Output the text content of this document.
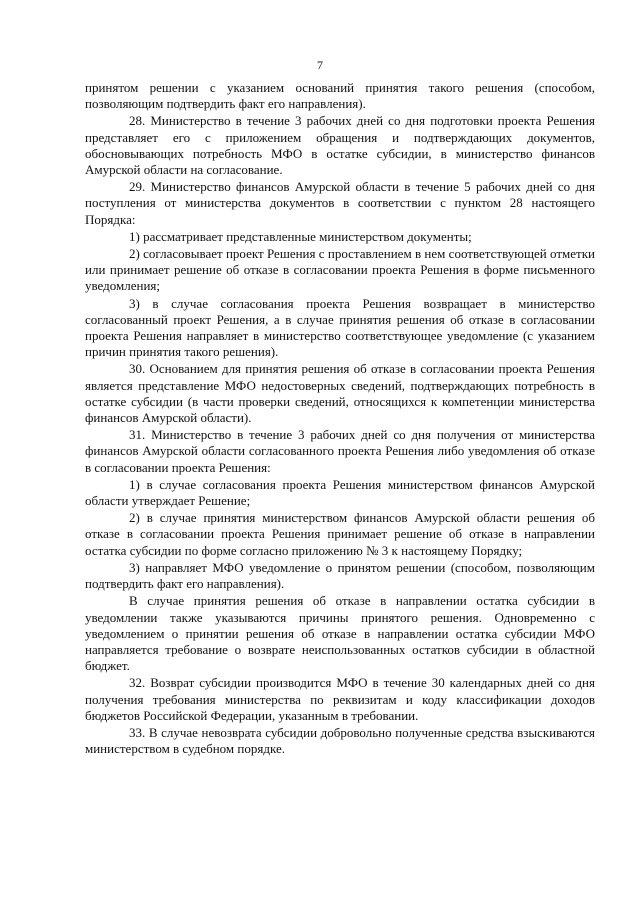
7

принятом решении с указанием оснований принятия такого решения (способом, позволяющим подтвердить факт его направления).

28. Министерство в течение 3 рабочих дней со дня подготовки проекта Решения представляет его с приложением обращения и подтверждающих документов, обосновывающих потребность МФО в остатке субсидии, в министерство финансов Амурской области на согласование.

29. Министерство финансов Амурской области в течение 5 рабочих дней со дня поступления от министерства документов в соответствии с пунктом 28 настоящего Порядка:

1) рассматривает представленные министерством документы;

2) согласовывает проект Решения с проставлением в нем соответствующей отметки или принимает решение об отказе в согласовании проекта Решения в форме письменного уведомления;

3) в случае согласования проекта Решения возвращает в министерство согласованный проект Решения, а в случае принятия решения об отказе в согласовании проекта Решения направляет в министерство соответствующее уведомление (с указанием причин принятия такого решения).

30. Основанием для принятия решения об отказе в согласовании проекта Решения является представление МФО недостоверных сведений, подтверждающих потребность в остатке субсидии (в части проверки сведений, относящихся к компетенции министерства финансов Амурской области).

31. Министерство в течение 3 рабочих дней со дня получения от министерства финансов Амурской области согласованного проекта Решения либо уведомления об отказе в согласовании проекта Решения:

1) в случае согласования проекта Решения министерством финансов Амурской области утверждает Решение;

2) в случае принятия министерством финансов Амурской области решения об отказе в согласовании проекта Решения принимает решение об отказе в направлении остатка субсидии по форме согласно приложению № 3 к настоящему Порядку;

3) направляет МФО уведомление о принятом решении (способом, позволяющим подтвердить факт его направления).

В случае принятия решения об отказе в направлении остатка субсидии в уведомлении также указываются причины принятого решения. Одновременно с уведомлением о принятии решения об отказе в направлении остатка субсидии МФО направляется требование о возврате неиспользованных остатков субсидии в областной бюджет.

32. Возврат субсидии производится МФО в течение 30 календарных дней со дня получения требования министерства по реквизитам и коду классификации доходов бюджетов Российской Федерации, указанным в требовании.

33. В случае невозврата субсидии добровольно полученные средства взыскиваются министерством в судебном порядке.
